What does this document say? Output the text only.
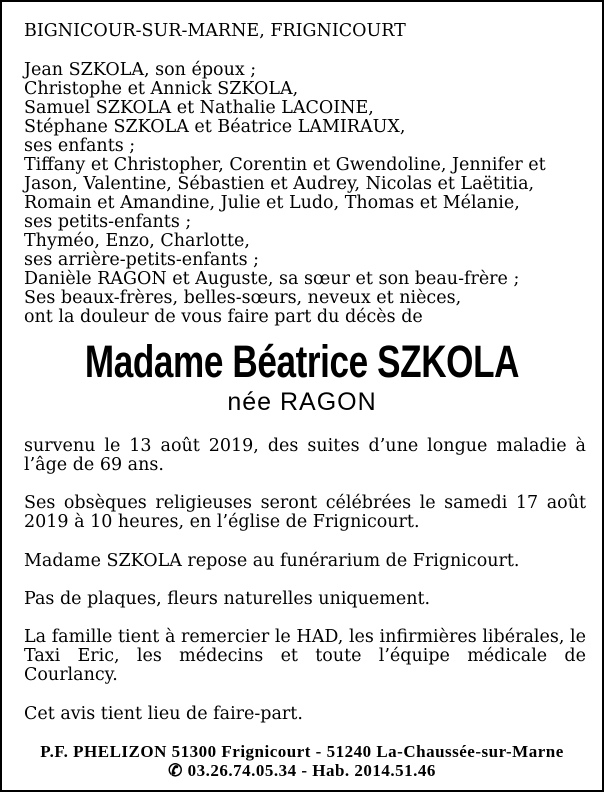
BIGNICOUR-SUR-MARNE, FRIGNICOURT
Jean SZKOLA, son époux ;
Christophe et Annick SZKOLA,
Samuel SZKOLA et Nathalie LACOINE,
Stéphane SZKOLA et Béatrice LAMIRAUX,
ses enfants ;
Tiffany et Christopher, Corentin et Gwendoline, Jennifer et
Jason, Valentine, Sébastien et Audrey, Nicolas et Laëtitia,
Romain et Amandine, Julie et Ludo, Thomas et Mélanie,
ses petits-enfants ;
Thyméo, Enzo, Charlotte,
ses arrière-petits-enfants ;
Danièle RAGON et Auguste, sa sœur et son beau-frère ;
Ses beaux-frères, belles-sœurs, neveux et nièces,
ont la douleur de vous faire part du décès de
Madame Béatrice SZKOLA
née RAGON
survenu le 13 août 2019, des suites d’une longue maladie à l’âge de 69 ans.
Ses obsèques religieuses seront célébrées le samedi 17 août 2019 à 10 heures, en l’église de Frignicourt.
Madame SZKOLA repose au funérarium de Frignicourt.
Pas de plaques, fleurs naturelles uniquement.
La famille tient à remercier le HAD, les infirmières libérales, le Taxi Eric, les médecins et toute l’équipe médicale de Courlancy.
Cet avis tient lieu de faire-part.
P.F. PHELIZON 51300 Frignicourt - 51240 La-Chaussée-sur-Marne
✆ 03.26.74.05.34 - Hab. 2014.51.46
